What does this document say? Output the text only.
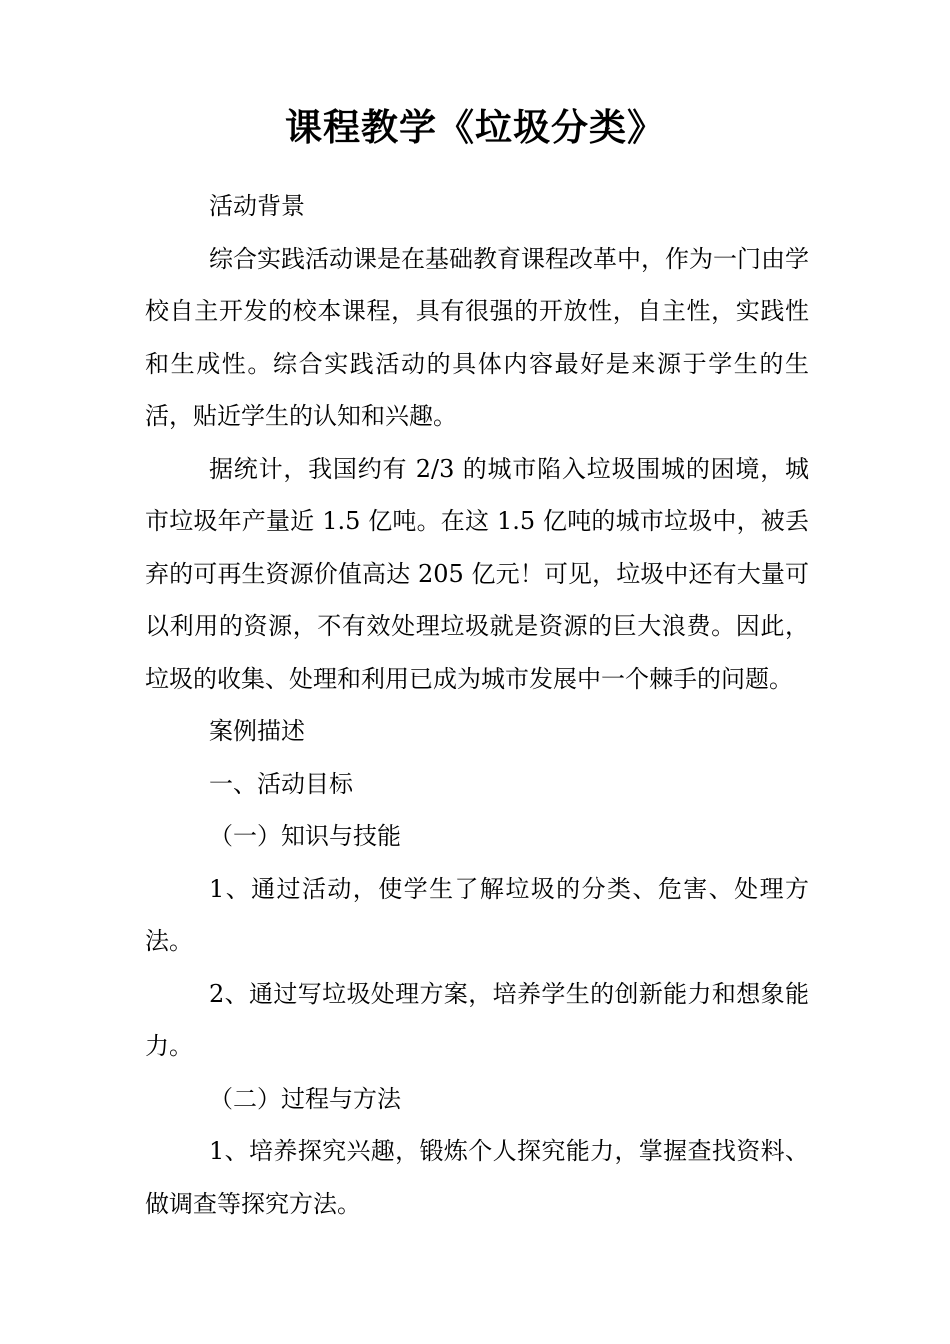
课程教学《垃圾分类》

活动背景

综合实践活动课是在基础教育课程改革中，作为一门由学校自主开发的校本课程，具有很强的开放性，自主性，实践性和生成性。综合实践活动的具体内容最好是来源于学生的生活，贴近学生的认知和兴趣。

据统计，我国约有 2/3 的城市陷入垃圾围城的困境，城市垃圾年产量近 1.5 亿吨。在这 1.5 亿吨的城市垃圾中，被丢弃的可再生资源价值高达 205 亿元！可见，垃圾中还有大量可以利用的资源，不有效处理垃圾就是资源的巨大浪费。因此，垃圾的收集、处理和利用已成为城市发展中一个棘手的问题。

案例描述

一、活动目标

（一）知识与技能

1、通过活动，使学生了解垃圾的分类、危害、处理方法。

2、通过写垃圾处理方案，培养学生的创新能力和想象能力。

（二）过程与方法

1、培养探究兴趣，锻炼个人探究能力，掌握查找资料、做调查等探究方法。
